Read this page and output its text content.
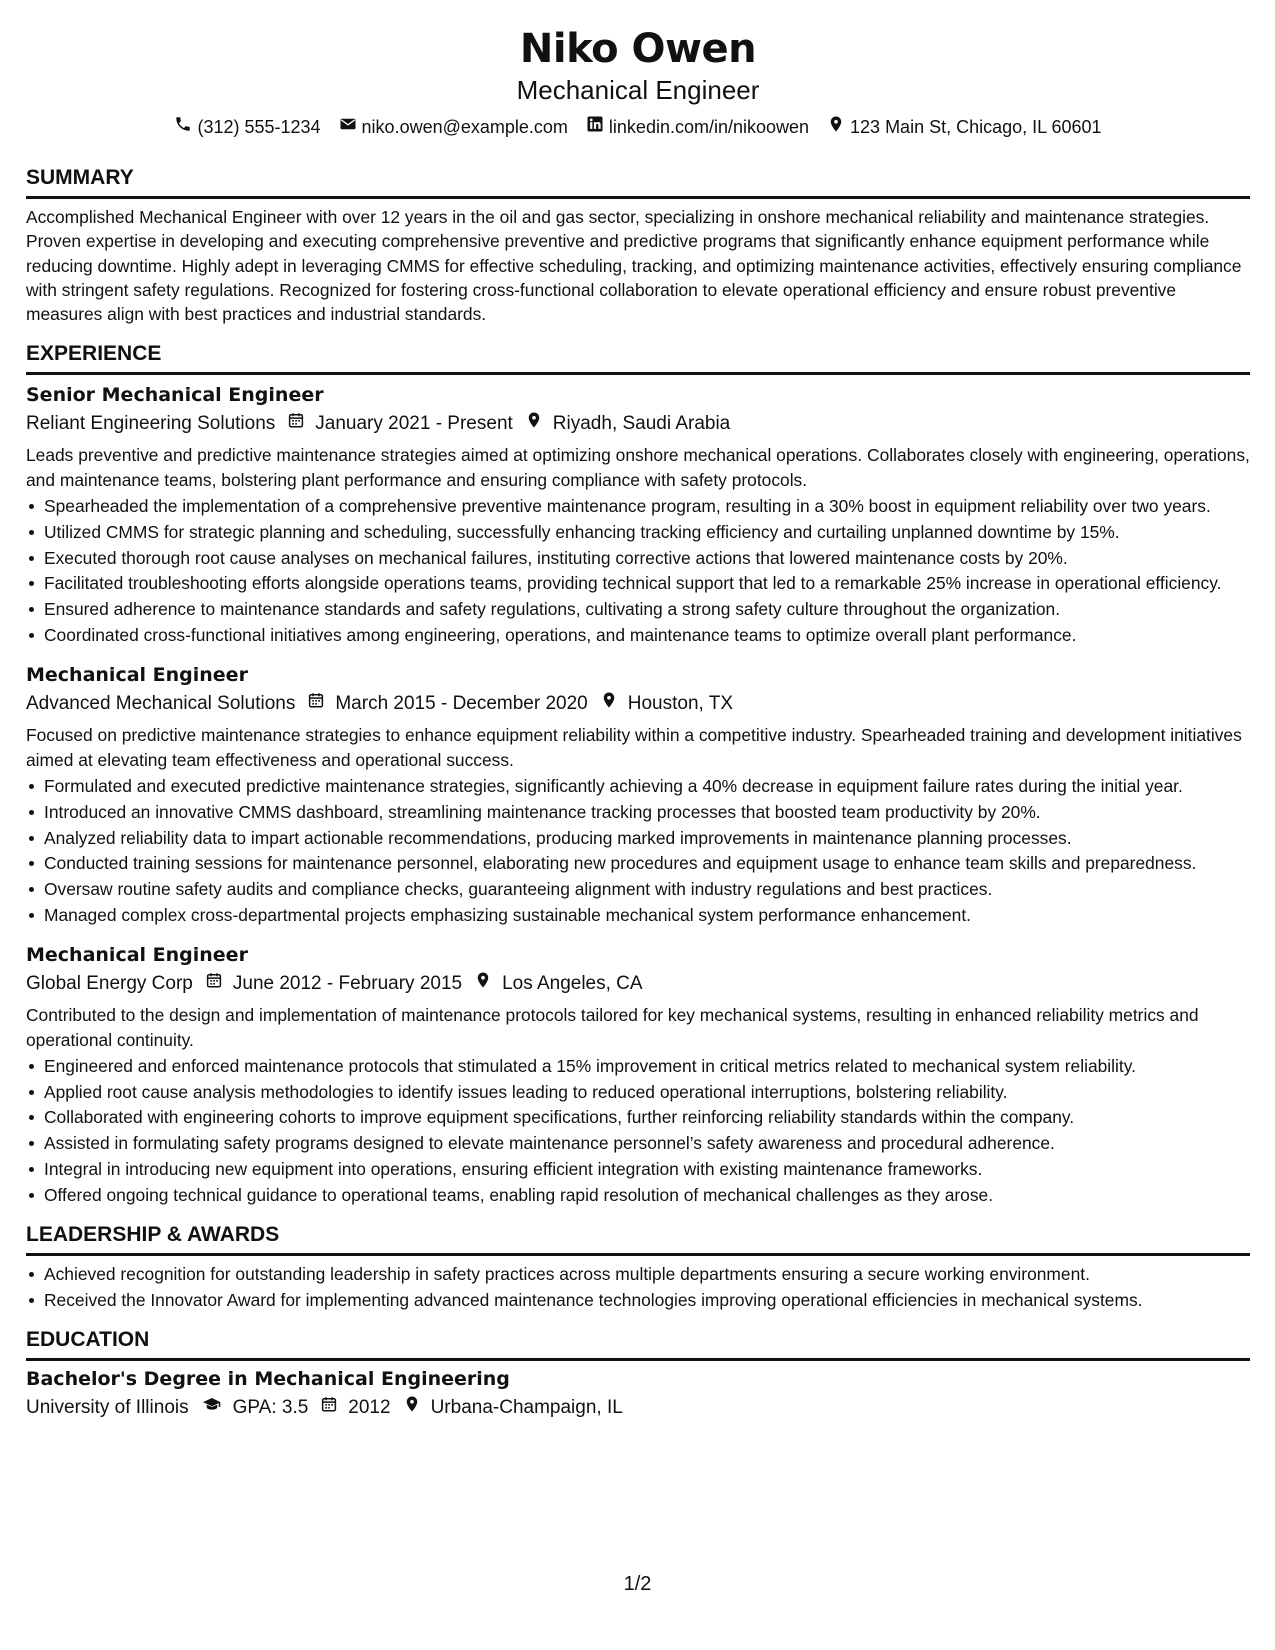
Niko Owen
Mechanical Engineer
(312) 555-1234 niko.owen@example.com linkedin.com/in/nikoowen 123 Main St, Chicago, IL 60601
SUMMARY
Accomplished Mechanical Engineer with over 12 years in the oil and gas sector, specializing in onshore mechanical reliability and maintenance strategies. Proven expertise in developing and executing comprehensive preventive and predictive programs that significantly enhance equipment performance while reducing downtime. Highly adept in leveraging CMMS for effective scheduling, tracking, and optimizing maintenance activities, effectively ensuring compliance with stringent safety regulations. Recognized for fostering cross-functional collaboration to elevate operational efficiency and ensure robust preventive measures align with best practices and industrial standards.
EXPERIENCE
Senior Mechanical Engineer
Reliant Engineering Solutions January 2021 - Present Riyadh, Saudi Arabia
Leads preventive and predictive maintenance strategies aimed at optimizing onshore mechanical operations. Collaborates closely with engineering, operations, and maintenance teams, bolstering plant performance and ensuring compliance with safety protocols.
Spearheaded the implementation of a comprehensive preventive maintenance program, resulting in a 30% boost in equipment reliability over two years.
Utilized CMMS for strategic planning and scheduling, successfully enhancing tracking efficiency and curtailing unplanned downtime by 15%.
Executed thorough root cause analyses on mechanical failures, instituting corrective actions that lowered maintenance costs by 20%.
Facilitated troubleshooting efforts alongside operations teams, providing technical support that led to a remarkable 25% increase in operational efficiency.
Ensured adherence to maintenance standards and safety regulations, cultivating a strong safety culture throughout the organization.
Coordinated cross-functional initiatives among engineering, operations, and maintenance teams to optimize overall plant performance.
Mechanical Engineer
Advanced Mechanical Solutions March 2015 - December 2020 Houston, TX
Focused on predictive maintenance strategies to enhance equipment reliability within a competitive industry. Spearheaded training and development initiatives aimed at elevating team effectiveness and operational success.
Formulated and executed predictive maintenance strategies, significantly achieving a 40% decrease in equipment failure rates during the initial year.
Introduced an innovative CMMS dashboard, streamlining maintenance tracking processes that boosted team productivity by 20%.
Analyzed reliability data to impart actionable recommendations, producing marked improvements in maintenance planning processes.
Conducted training sessions for maintenance personnel, elaborating new procedures and equipment usage to enhance team skills and preparedness.
Oversaw routine safety audits and compliance checks, guaranteeing alignment with industry regulations and best practices.
Managed complex cross-departmental projects emphasizing sustainable mechanical system performance enhancement.
Mechanical Engineer
Global Energy Corp June 2012 - February 2015 Los Angeles, CA
Contributed to the design and implementation of maintenance protocols tailored for key mechanical systems, resulting in enhanced reliability metrics and operational continuity.
Engineered and enforced maintenance protocols that stimulated a 15% improvement in critical metrics related to mechanical system reliability.
Applied root cause analysis methodologies to identify issues leading to reduced operational interruptions, bolstering reliability.
Collaborated with engineering cohorts to improve equipment specifications, further reinforcing reliability standards within the company.
Assisted in formulating safety programs designed to elevate maintenance personnel’s safety awareness and procedural adherence.
Integral in introducing new equipment into operations, ensuring efficient integration with existing maintenance frameworks.
Offered ongoing technical guidance to operational teams, enabling rapid resolution of mechanical challenges as they arose.
LEADERSHIP & AWARDS
Achieved recognition for outstanding leadership in safety practices across multiple departments ensuring a secure working environment.
Received the Innovator Award for implementing advanced maintenance technologies improving operational efficiencies in mechanical systems.
EDUCATION
Bachelor's Degree in Mechanical Engineering
University of Illinois GPA: 3.5 2012 Urbana-Champaign, IL
1/2
